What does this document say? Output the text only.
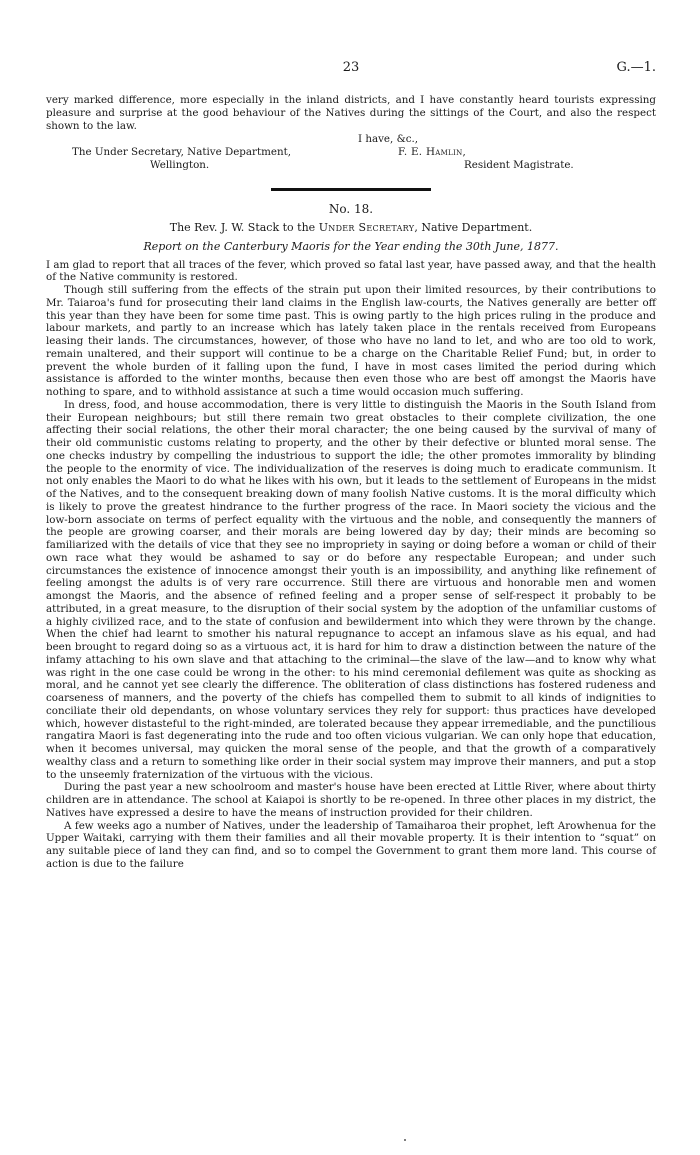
23	G.—1.

very marked difference, more especially in the inland districts, and I have constantly heard tourists expressing pleasure and surprise at the good behaviour of the Natives during the sittings of the Court, and also the respect shown to the law.

I have, &c.,
The Under Secretary, Native Department,	F. E. Hamlin,
Wellington.	Resident Magistrate.
No. 18.
The Rev. J. W. Stack to the Under Secretary, Native Department.
Report on the Canterbury Maoris for the Year ending the 30th June, 1877.

I am glad to report that all traces of the fever, which proved so fatal last year, have passed away, and that the health of the Native community is restored.

Though still suffering from the effects of the strain put upon their limited resources, by their contributions to Mr. Taiaroa's fund for prosecuting their land claims in the English law-courts, the Natives generally are better off this year than they have been for some time past. This is owing partly to the high prices ruling in the produce and labour markets, and partly to an increase which has lately taken place in the rentals received from Europeans leasing their lands. The circumstances, however, of those who have no land to let, and who are too old to work, remain unaltered, and their support will continue to be a charge on the Charitable Relief Fund; but, in order to prevent the whole burden of it falling upon the fund, I have in most cases limited the period during which assistance is afforded to the winter months, because then even those who are best off amongst the Maoris have nothing to spare, and to withhold assistance at such a time would occasion much suffering.

In dress, food, and house accommodation, there is very little to distinguish the Maoris in the South Island from their European neighbours; but still there remain two great obstacles to their complete civilization, the one affecting their social relations, the other their moral character; the one being caused by the survival of many of their old communistic customs relating to property, and the other by their defective or blunted moral sense. The one checks industry by compelling the industrious to support the idle; the other promotes immorality by blinding the people to the enormity of vice. The individualization of the reserves is doing much to eradicate communism. It not only enables the Maori to do what he likes with his own, but it leads to the settlement of Europeans in the midst of the Natives, and to the consequent breaking down of many foolish Native customs. It is the moral difficulty which is likely to prove the greatest hindrance to the further progress of the race. In Maori society the vicious and the low-born associate on terms of perfect equality with the virtuous and the noble, and consequently the manners of the people are growing coarser, and their morals are being lowered day by day; their minds are becoming so familiarized with the details of vice that they see no impropriety in saying or doing before a woman or child of their own race what they would be ashamed to say or do before any respectable European; and under such circumstances the existence of innocence amongst their youth is an impossibility, and anything like refinement of feeling amongst the adults is of very rare occurrence. Still there are virtuous and honorable men and women amongst the Maoris, and the absence of refined feeling and a proper sense of self-respect it probably to be attributed, in a great measure, to the disruption of their social system by the adoption of the unfamiliar customs of a highly civilized race, and to the state of confusion and bewilderment into which they were thrown by the change. When the chief had learnt to smother his natural repugnance to accept an infamous slave as his equal, and had been brought to regard doing so as a virtuous act, it is hard for him to draw a distinction between the nature of the infamy attaching to his own slave and that attaching to the criminal—the slave of the law—and to know why what was right in the one case could be wrong in the other: to his mind ceremonial defilement was quite as shocking as moral, and he cannot yet see clearly the difference. The obliteration of class distinctions has fostered rudeness and coarseness of manners, and the poverty of the chiefs has compelled them to submit to all kinds of indignities to conciliate their old dependants, on whose voluntary services they rely for support: thus practices have developed which, however distasteful to the right-minded, are tolerated because they appear irremediable, and the punctilious rangatira Maori is fast degenerating into the rude and too often vicious vulgarian. We can only hope that education, when it becomes universal, may quicken the moral sense of the people, and that the growth of a comparatively wealthy class and a return to something like order in their social system may improve their manners, and put a stop to the unseemly fraternization of the virtuous with the vicious.

During the past year a new schoolroom and master's house have been erected at Little River, where about thirty children are in attendance. The school at Kaiapoi is shortly to be re-opened. In three other places in my district, the Natives have expressed a desire to have the means of instruction provided for their children.

A few weeks ago a number of Natives, under the leadership of Tamaiharoa their prophet, left Arowhenua for the Upper Waitaki, carrying with them their families and all their movable property. It is their intention to “squat” on any suitable piece of land they can find, and so to compel the Government to grant them more land. This course of action is due to the failure
